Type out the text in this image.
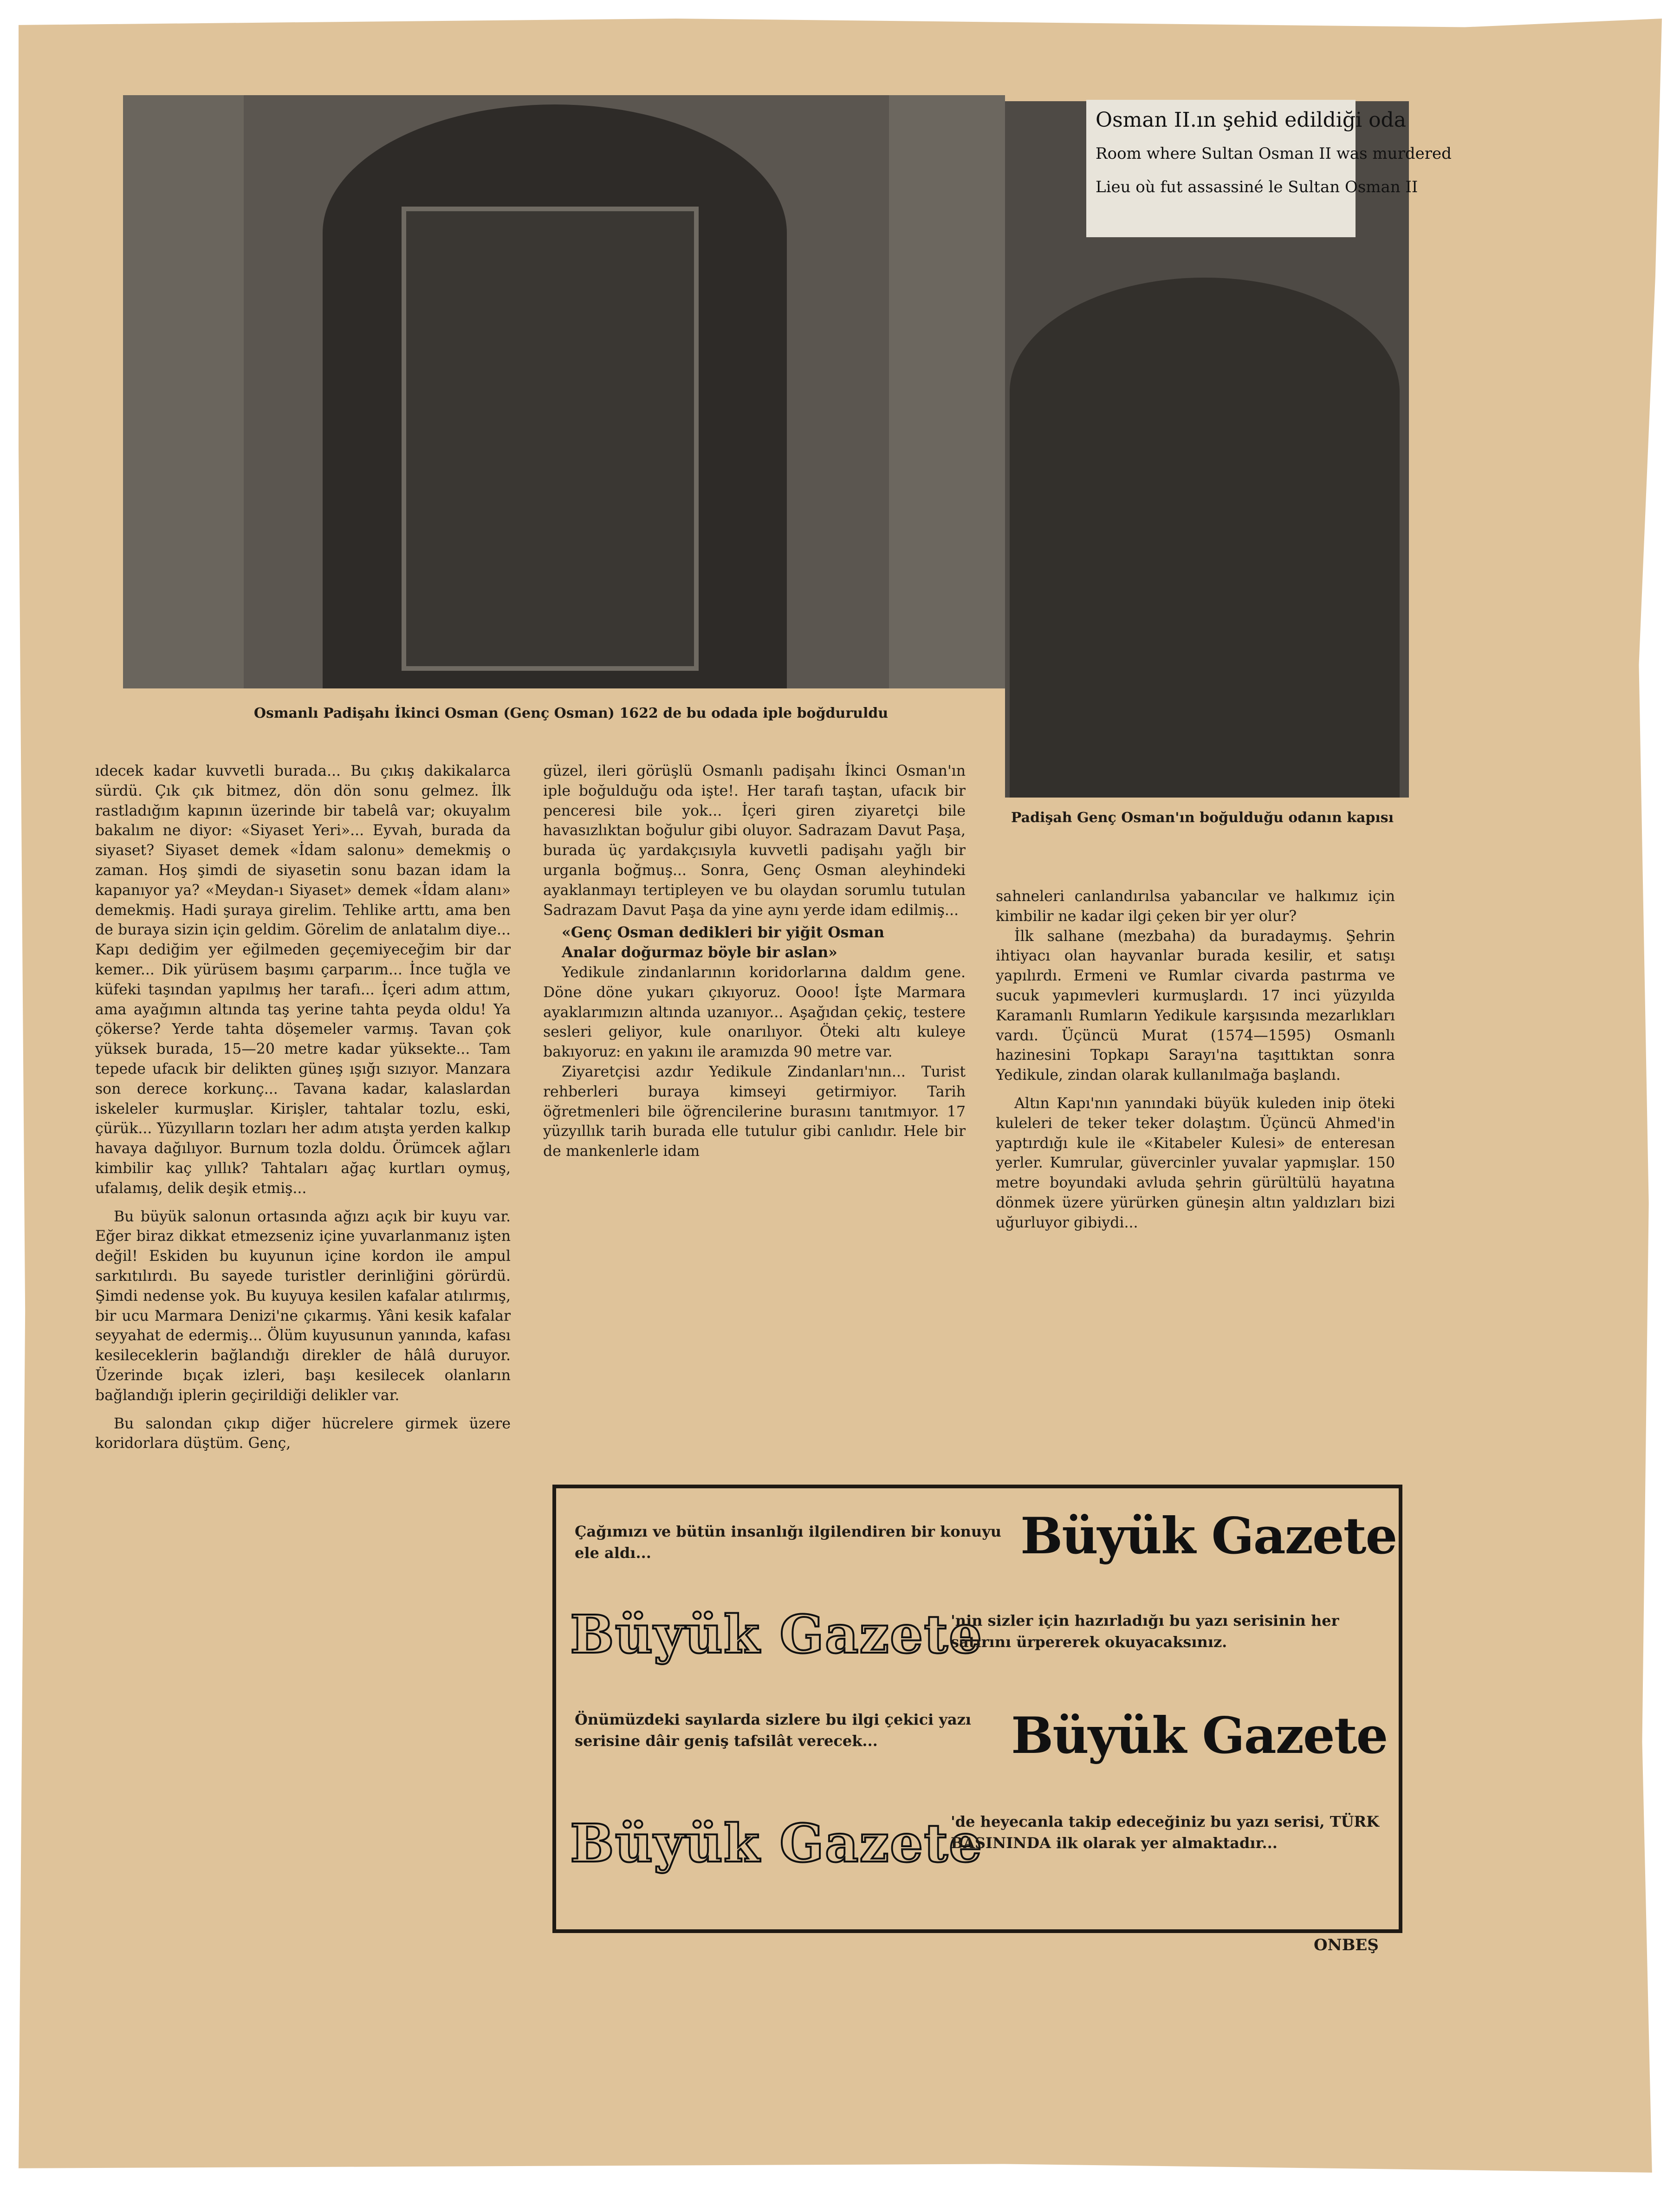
Osman II.ın şehid edildiği oda
Room where Sultan Osman II was murdered
Lieu où fut assassiné le Sultan Osman II
Osmanlı Padişahı İkinci Osman (Genç Osman) 1622 de bu odada iple boğduruldu
Padişah Genç Osman'ın boğulduğu odanın kapısı

ıdecek kadar kuvvetli burada... Bu çıkış dakikalarca sürdü. Çık çık bitmez, dön dön sonu gelmez. İlk rastladığım kapının üzerinde bir tabelâ var; okuyalım bakalım ne diyor: «Siyaset Yeri»... Eyvah, burada da siyaset? Siyaset demek «İdam salonu» demekmiş o zaman. Hoş şimdi de siyasetin sonu bazan idam la kapanıyor ya? «Meydan-ı Siyaset» demek «İdam alanı» demekmiş. Hadi şuraya girelim. Tehlike arttı, ama ben de buraya sizin için geldim. Görelim de anlatalım diye... Kapı dediğim yer eğilmeden geçemiyeceğim bir dar kemer... Dik yürüsem başımı çarparım... İnce tuğla ve küfeki taşından yapılmış her tarafı... İçeri adım attım, ama ayağımın altında taş yerine tahta peyda oldu! Ya çökerse? Yerde tahta döşemeler varmış. Tavan çok yüksek burada, 15—20 metre kadar yüksekte... Tam tepede ufacık bir delikten güneş ışığı sızıyor. Manzara son derece korkunç... Tavana kadar, kalaslardan iskeleler kurmuşlar. Kirişler, tahtalar tozlu, eski, çürük... Yüzyılların tozları her adım atışta yerden kalkıp havaya dağılıyor. Burnum tozla doldu. Örümcek ağları kimbilir kaç yıllık? Tahtaları ağaç kurtları oymuş, ufalamış, delik deşik etmiş...

Bu büyük salonun ortasında ağızı açık bir kuyu var. Eğer biraz dikkat etmezseniz içine yuvarlanmanız işten değil! Eskiden bu kuyunun içine kordon ile ampul sarkıtılırdı. Bu sayede turistler derinliğini görürdü. Şimdi nedense yok. Bu kuyuya kesilen kafalar atılırmış, bir ucu Marmara Denizi'ne çıkarmış. Yâni kesik kafalar seyyahat de edermiş... Ölüm kuyusunun yanında, kafası kesileceklerin bağlandığı direkler de hâlâ duruyor. Üzerinde bıçak izleri, başı kesilecek olanların bağlandığı iplerin geçirildiği delikler var.

Bu salondan çıkıp diğer hücrelere girmek üzere koridorlara düştüm. Genç,

güzel, ileri görüşlü Osmanlı padişahı İkinci Osman'ın iple boğulduğu oda işte!. Her tarafı taştan, ufacık bir penceresi bile yok... İçeri giren ziyaretçi bile havasızlıktan boğulur gibi oluyor. Sadrazam Davut Paşa, burada üç yardakçısıyla kuvvetli padişahı yağlı bir urganla boğmuş... Sonra, Genç Osman aleyhindeki ayaklanmayı tertipleyen ve bu olaydan sorumlu tutulan Sadrazam Davut Paşa da yine aynı yerde idam edilmiş...

«Genç Osman dedikleri bir yiğit Osman

Analar doğurmaz böyle bir aslan»

Yedikule zindanlarının koridorlarına daldım gene. Döne döne yukarı çıkıyoruz. Oooo! İşte Marmara ayaklarımızın altında uzanıyor... Aşağıdan çekiç, testere sesleri geliyor, kule onarılıyor. Öteki altı kuleye bakıyoruz: en yakını ile aramızda 90 metre var.

Ziyaretçisi azdır Yedikule Zindanları'nın... Turist rehberleri buraya kimseyi getirmiyor. Tarih öğretmenleri bile öğrencilerine burasını tanıtmıyor. 17 yüzyıllık tarih burada elle tutulur gibi canlıdır. Hele bir de mankenlerle idam

sahneleri canlandırılsa yabancılar ve halkımız için kimbilir ne kadar ilgi çeken bir yer olur?

İlk salhane (mezbaha) da buradaymış. Şehrin ihtiyacı olan hayvanlar burada kesilir, et satışı yapılırdı. Ermeni ve Rumlar civarda pastırma ve sucuk yapımevleri kurmuşlardı. 17 inci yüzyılda Karamanlı Rumların Yedikule karşısında mezarlıkları vardı. Üçüncü Murat (1574—1595) Osmanlı hazinesini Topkapı Sarayı'na taşıttıktan sonra Yedikule, zindan olarak kullanılmağa başlandı.

Altın Kapı'nın yanındaki büyük kuleden inip öteki kuleleri de teker teker dolaştım. Üçüncü Ahmed'in yaptırdığı kule ile «Kitabeler Kulesi» de enteresan yerler. Kumrular, güvercinler yuvalar yapmışlar. 150 metre boyundaki avluda şehrin gürültülü hayatına dönmek üzere yürürken güneşin altın yaldızları bizi uğurluyor gibiydi...

Çağımızı ve bütün insanlığı ilgilendiren bir konuyu ele aldı...	Büyük Gazete
Büyük Gazete
'nin sizler için hazırladığı bu yazı serisinin her satırını ürpererek okuyacaksınız.
Önümüzdeki sayılarda sizlere bu ilgi çekici yazı serisine dâir geniş tafsilât verecek...	Büyük Gazete
Büyük Gazete
'de heyecanla takip edeceğiniz bu yazı serisi, TÜRK BASININDA ilk olarak yer almaktadır...
ONBEŞ
